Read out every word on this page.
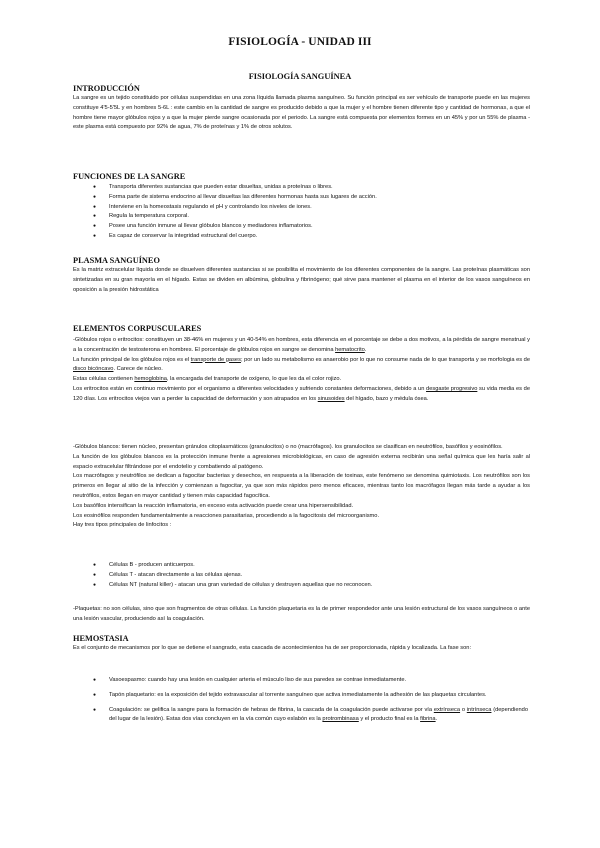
FISIOLOGÍA - UNIDAD III
FISIOLOGÍA SANGUÍNEA
INTRODUCCIÓN
La sangre es un tejido constituido por células suspendidas en una zona líquida llamada plasma sanguíneo. Su función principal es ser vehículo de transporte puede en las mujeres constituye 4'5-5'5L y en hombres 5-6L : este cambio en la cantidad de sangre es producido debido a que la mujer y el hombre tienen diferente tipo y cantidad de hormonas, a que el hombre tiene mayor glóbulos rojos y a que la mujer pierde sangre ocasionada por el periodo. La sangre está compuesta por elementos formes en un 45% y por un 55% de plasma - este plasma está compuesto por 92% de agua, 7% de proteínas y 1% de otros solutos.
FUNCIONES DE LA SANGRE
● Transporta diferentes sustancias que pueden estar disueltas, unidas a proteínas o libres.
● Forma parte de sistema endocrino al llevar disueltas las diferentes hormonas hasta sus lugares de acción.
● Interviene en la homeostasis regulando el pH y controlando los niveles de iones.
● Regula la temperatura corporal.
● Posee una función inmune al llevar glóbulos blancos y mediadores inflamatorios.
● Es capaz de conservar la integridad estructural del cuerpo.
PLASMA SANGUÍNEO
Es la matriz extracelular líquida donde se disuelven diferentes sustancias si se posibilita el movimiento de los diferentes componentes de la sangre. Las proteínas plasmáticas son sintetizadas en su gran mayoría en el hígado. Estas se dividen en albúmina, globulina y fibrinógeno; qué sirve para mantener el plasma en el interior de los vasos sanguíneos en oposición a la presión hidrostática
ELEMENTOS CORPUSCULARES
-Glóbulos rojos o eritrocitos: constituyen un 38-46% en mujeres y un 40-54% en hombres, esta diferencia en el porcentaje se debe a dos motivos, a la pérdida de sangre menstrual y a la concentración de testosterona en hombres. El porcentaje de glóbulos rojos en sangre se denomina hematocrito.
La función principal de los glóbulos rojos es el transporte de gases; por un lado su metabolismo es anaerobio por lo que no consume nada de lo que transporta y se morfologia es de disco bicóncavo. Carece de núcleo.
Estas células contienen hemoglobina, la encargada del transporte de oxígeno, lo que les da el color rojizo.
Los eritrocitos están en continuo movimiento por el organismo a diferentes velocidades y sufriendo constantes deformaciones, debido a un desgaste progresivo su vida media es de 120 días. Los eritrocitos viejos van a perder la capacidad de deformación y son atrapados en los sinusoides del hígado, bazo y médula ósea.
-Glóbulos blancos: tienen núcleo, presentan gránulos citoplasmáticos (granulocitos) o no (macrófagos). los granulocitos se clasifican en neutrófilos, basófilos y eosinófilos.
La función de los glóbulos blancos es la protección inmune frente a agresiones microbiológicas, en caso de agresión externa recibirán una señal química que les haría salir al espacio extracelular filtrándose por el endotelio y combatiendo al patógeno.
Los macrófagos y neutrófilos se dedican a fagocitar bacterias y desechos, en respuesta a la liberación de toxinas, este fenómeno se denomina quimiotaxis. Los neutrófilos son los primeros en llegar al sitio de la infección y comienzan a fagocitar, ya que son más rápidos pero menos eficaces, mientras tanto los macrófagos llegan más tarde a ayudar a los neutrófilos, estos llegan en mayor cantidad y tienen más capacidad fagocítica.
Los basófilos intensifican la reacción inflamatoria, en exceso esta activación puede crear una hipersensibilidad.
Los eosinófilos responden fundamentalmente a reacciones parasitarias, procediendo a la fagocitosis del microorganismo.
Hay tres tipos principales de linfocitos :
● Células B - producen anticuerpos.
● Células T - atacan directamente a las células ajenas.
● Células NT (natural killer) - atacan una gran variedad de células y destruyen aquellas que no reconocen.
-Plaquetas: no son células, sino que son fragmentos de otras células. La función plaquetaria es la de primer respondedor ante una lesión estructural de los vasos sanguíneos o ante una lesión vascular, produciendo así la coagulación.
HEMOSTASIA
Es el conjunto de mecanismos por lo que se detiene el sangrado, esta cascada de acontecimientos ha de ser proporcionada, rápida y localizada. La fase son:
● Vasoespasmo: cuando hay una lesión en cualquier arteria el músculo liso de sus paredes se contrae inmediatamente.
● Tapón plaquetario: es la exposición del tejido extravascular al torrente sanguíneo que activa inmediatamente la adhesión de las plaquetas circulantes.
● Coagulación: se gelifica la sangre para la formación de hebras de fibrina, la cascada de la coagulación puede activarse por vía extrínseca o intrínseca (dependiendo del lugar de la lesión). Estas dos vías concluyen en la vía común cuyo eslabón es la protrombinasa y el producto final es la fibrina.
